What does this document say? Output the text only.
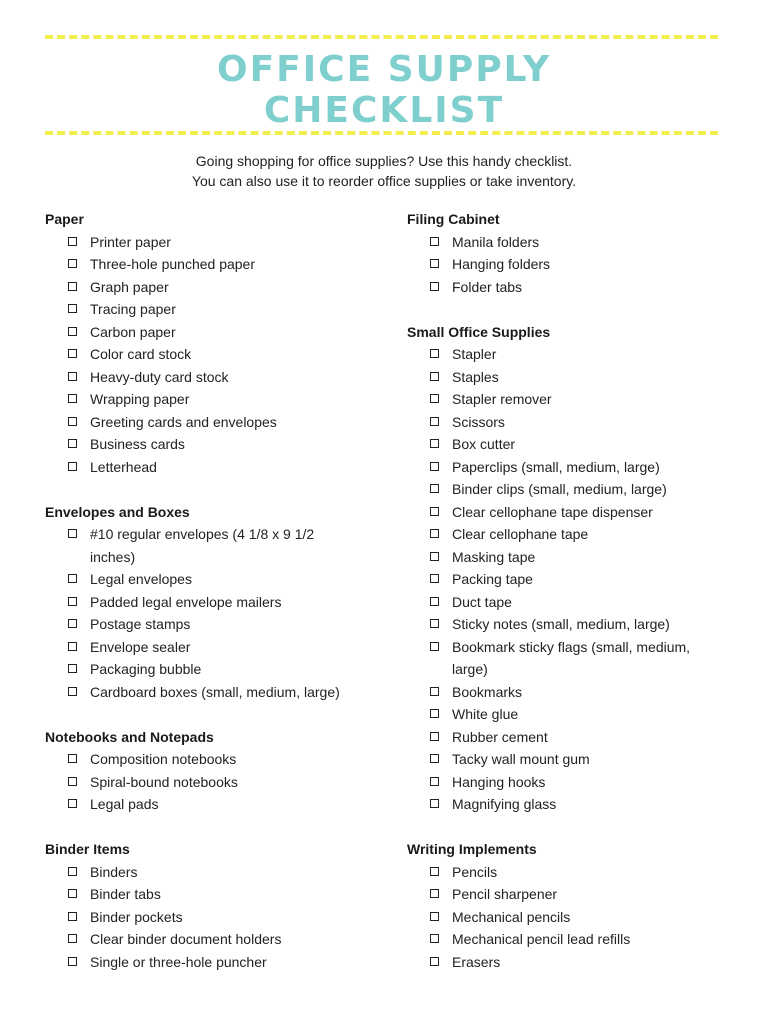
OFFICE SUPPLY
CHECKLIST
Going shopping for office supplies? Use this handy checklist.
You can also use it to reorder office supplies or take inventory.
Paper
Printer paper
Three-hole punched paper
Graph paper
Tracing paper
Carbon paper
Color card stock
Heavy-duty card stock
Wrapping paper
Greeting cards and envelopes
Business cards
Letterhead
Envelopes and Boxes
#10 regular envelopes (4 1/8 x 9 1/2 inches)
Legal envelopes
Padded legal envelope mailers
Postage stamps
Envelope sealer
Packaging bubble
Cardboard boxes (small, medium, large)
Notebooks and Notepads
Composition notebooks
Spiral-bound notebooks
Legal pads
Binder Items
Binders
Binder tabs
Binder pockets
Clear binder document holders
Single or three-hole puncher
Filing Cabinet
Manila folders
Hanging folders
Folder tabs
Small Office Supplies
Stapler
Staples
Stapler remover
Scissors
Box cutter
Paperclips (small, medium, large)
Binder clips (small, medium, large)
Clear cellophane tape dispenser
Clear cellophane tape
Masking tape
Packing tape
Duct tape
Sticky notes (small, medium, large)
Bookmark sticky flags (small, medium, large)
Bookmarks
White glue
Rubber cement
Tacky wall mount gum
Hanging hooks
Magnifying glass
Writing Implements
Pencils
Pencil sharpener
Mechanical pencils
Mechanical pencil lead refills
Erasers
